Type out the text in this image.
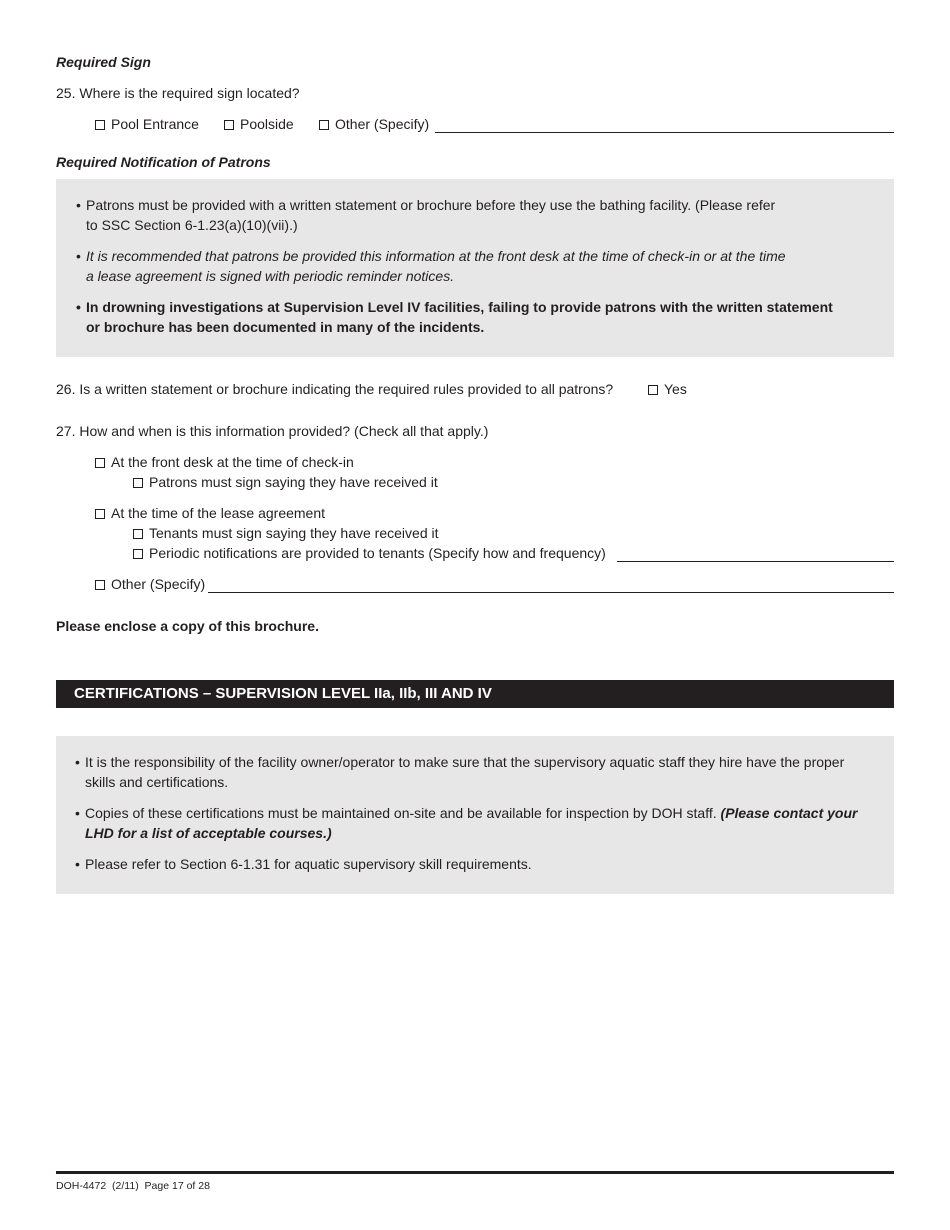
Required Sign
25. Where is the required sign located?
Pool Entrance	Poolside	Other (Specify)
Required Notification of Patrons
• Patrons must be provided with a written statement or brochure before they use the bathing facility. (Please refer
to SSC Section 6-1.23(a)(10)(vii).)
• It is recommended that patrons be provided this information at the front desk at the time of check-in or at the time
a lease agreement is signed with periodic reminder notices.
• In drowning investigations at Supervision Level IV facilities, failing to provide patrons with the written statement
or brochure has been documented in many of the incidents.
26. Is a written statement or brochure indicating the required rules provided to all patrons?	Yes
27. How and when is this information provided? (Check all that apply.)
At the front desk at the time of check-in
Patrons must sign saying they have received it
At the time of the lease agreement
Tenants must sign saying they have received it
Periodic notifications are provided to tenants (Specify how and frequency)
Other (Specify)
Please enclose a copy of this brochure.
CERTIFICATIONS – SUPERVISION LEVEL IIa, IIb, III AND IV
• It is the responsibility of the facility owner/operator to make sure that the supervisory aquatic staff they hire have the proper
skills and certifications.
• Copies of these certifications must be maintained on-site and be available for inspection by DOH staff. (Please contact your
LHD for a list of acceptable courses.)
• Please refer to Section 6-1.31 for aquatic supervisory skill requirements.
DOH-4472 (2/11) Page 17 of 28
